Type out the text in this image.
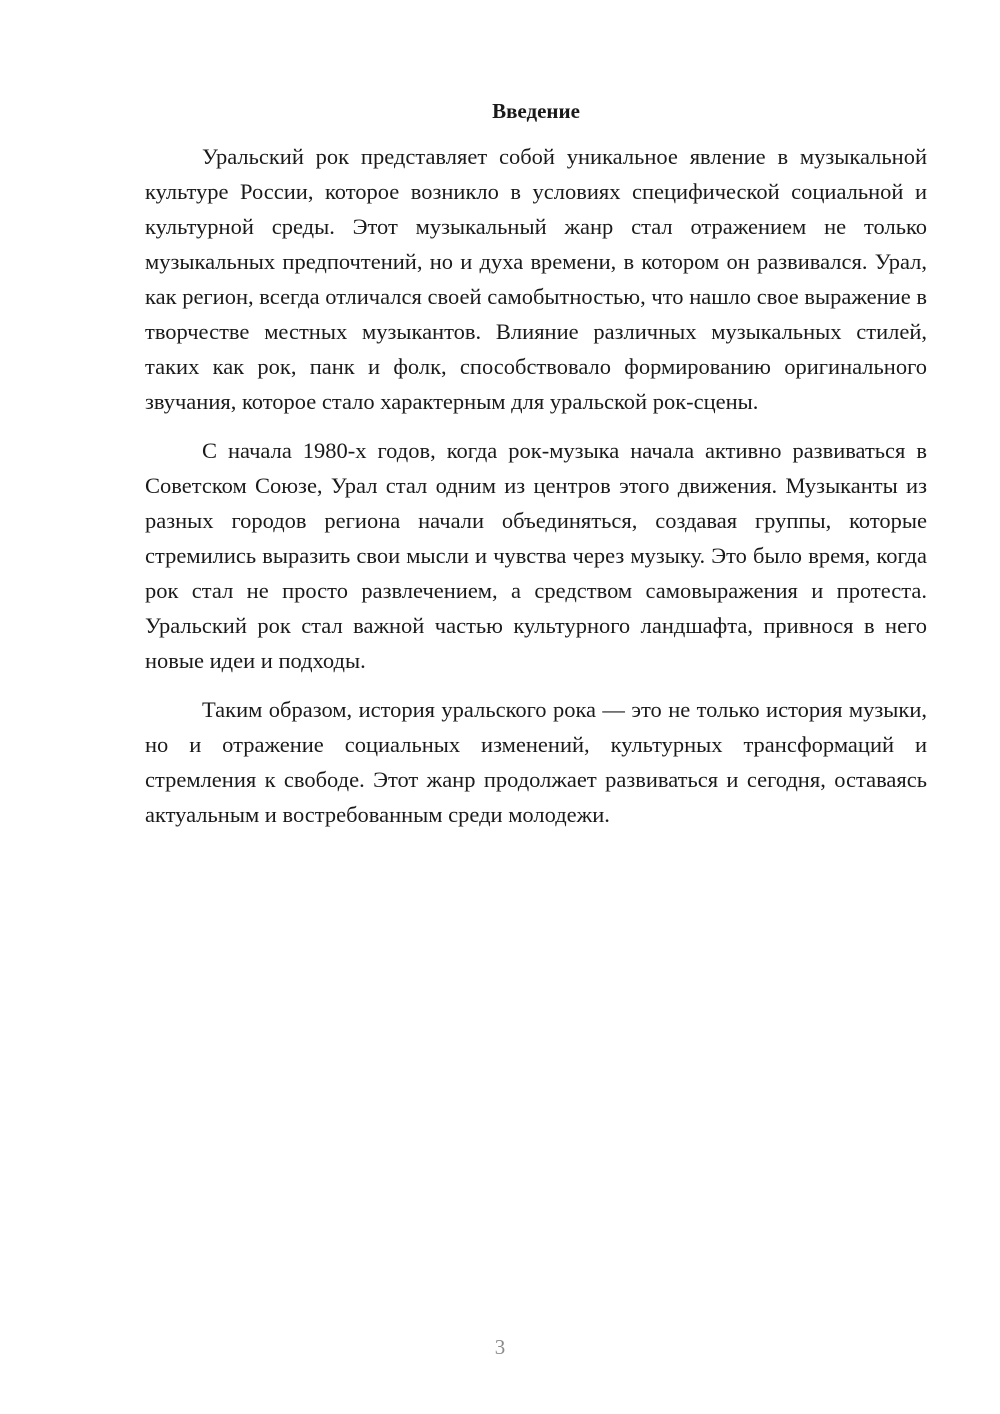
Введение

Уральский рок представляет собой уникальное явление в музыкальной культуре России, которое возникло в условиях специфической социальной и культурной среды. Этот музыкальный жанр стал отражением не только музыкальных предпочтений, но и духа времени, в котором он развивался. Урал, как регион, всегда отличался своей самобытностью, что нашло свое выражение в творчестве местных музыкантов. Влияние различных музыкальных стилей, таких как рок, панк и фолк, способствовало формированию оригинального звучания, которое стало характерным для уральской рок-сцены.

С начала 1980-х годов, когда рок-музыка начала активно развиваться в Советском Союзе, Урал стал одним из центров этого движения. Музыканты из разных городов региона начали объединяться, создавая группы, которые стремились выразить свои мысли и чувства через музыку. Это было время, когда рок стал не просто развлечением, а средством самовыражения и протеста. Уральский рок стал важной частью культурного ландшафта, привнося в него новые идеи и подходы.

Таким образом, история уральского рока — это не только история музыки, но и отражение социальных изменений, культурных трансформаций и стремления к свободе. Этот жанр продолжает развиваться и сегодня, оставаясь актуальным и востребованным среди молодежи.

3
